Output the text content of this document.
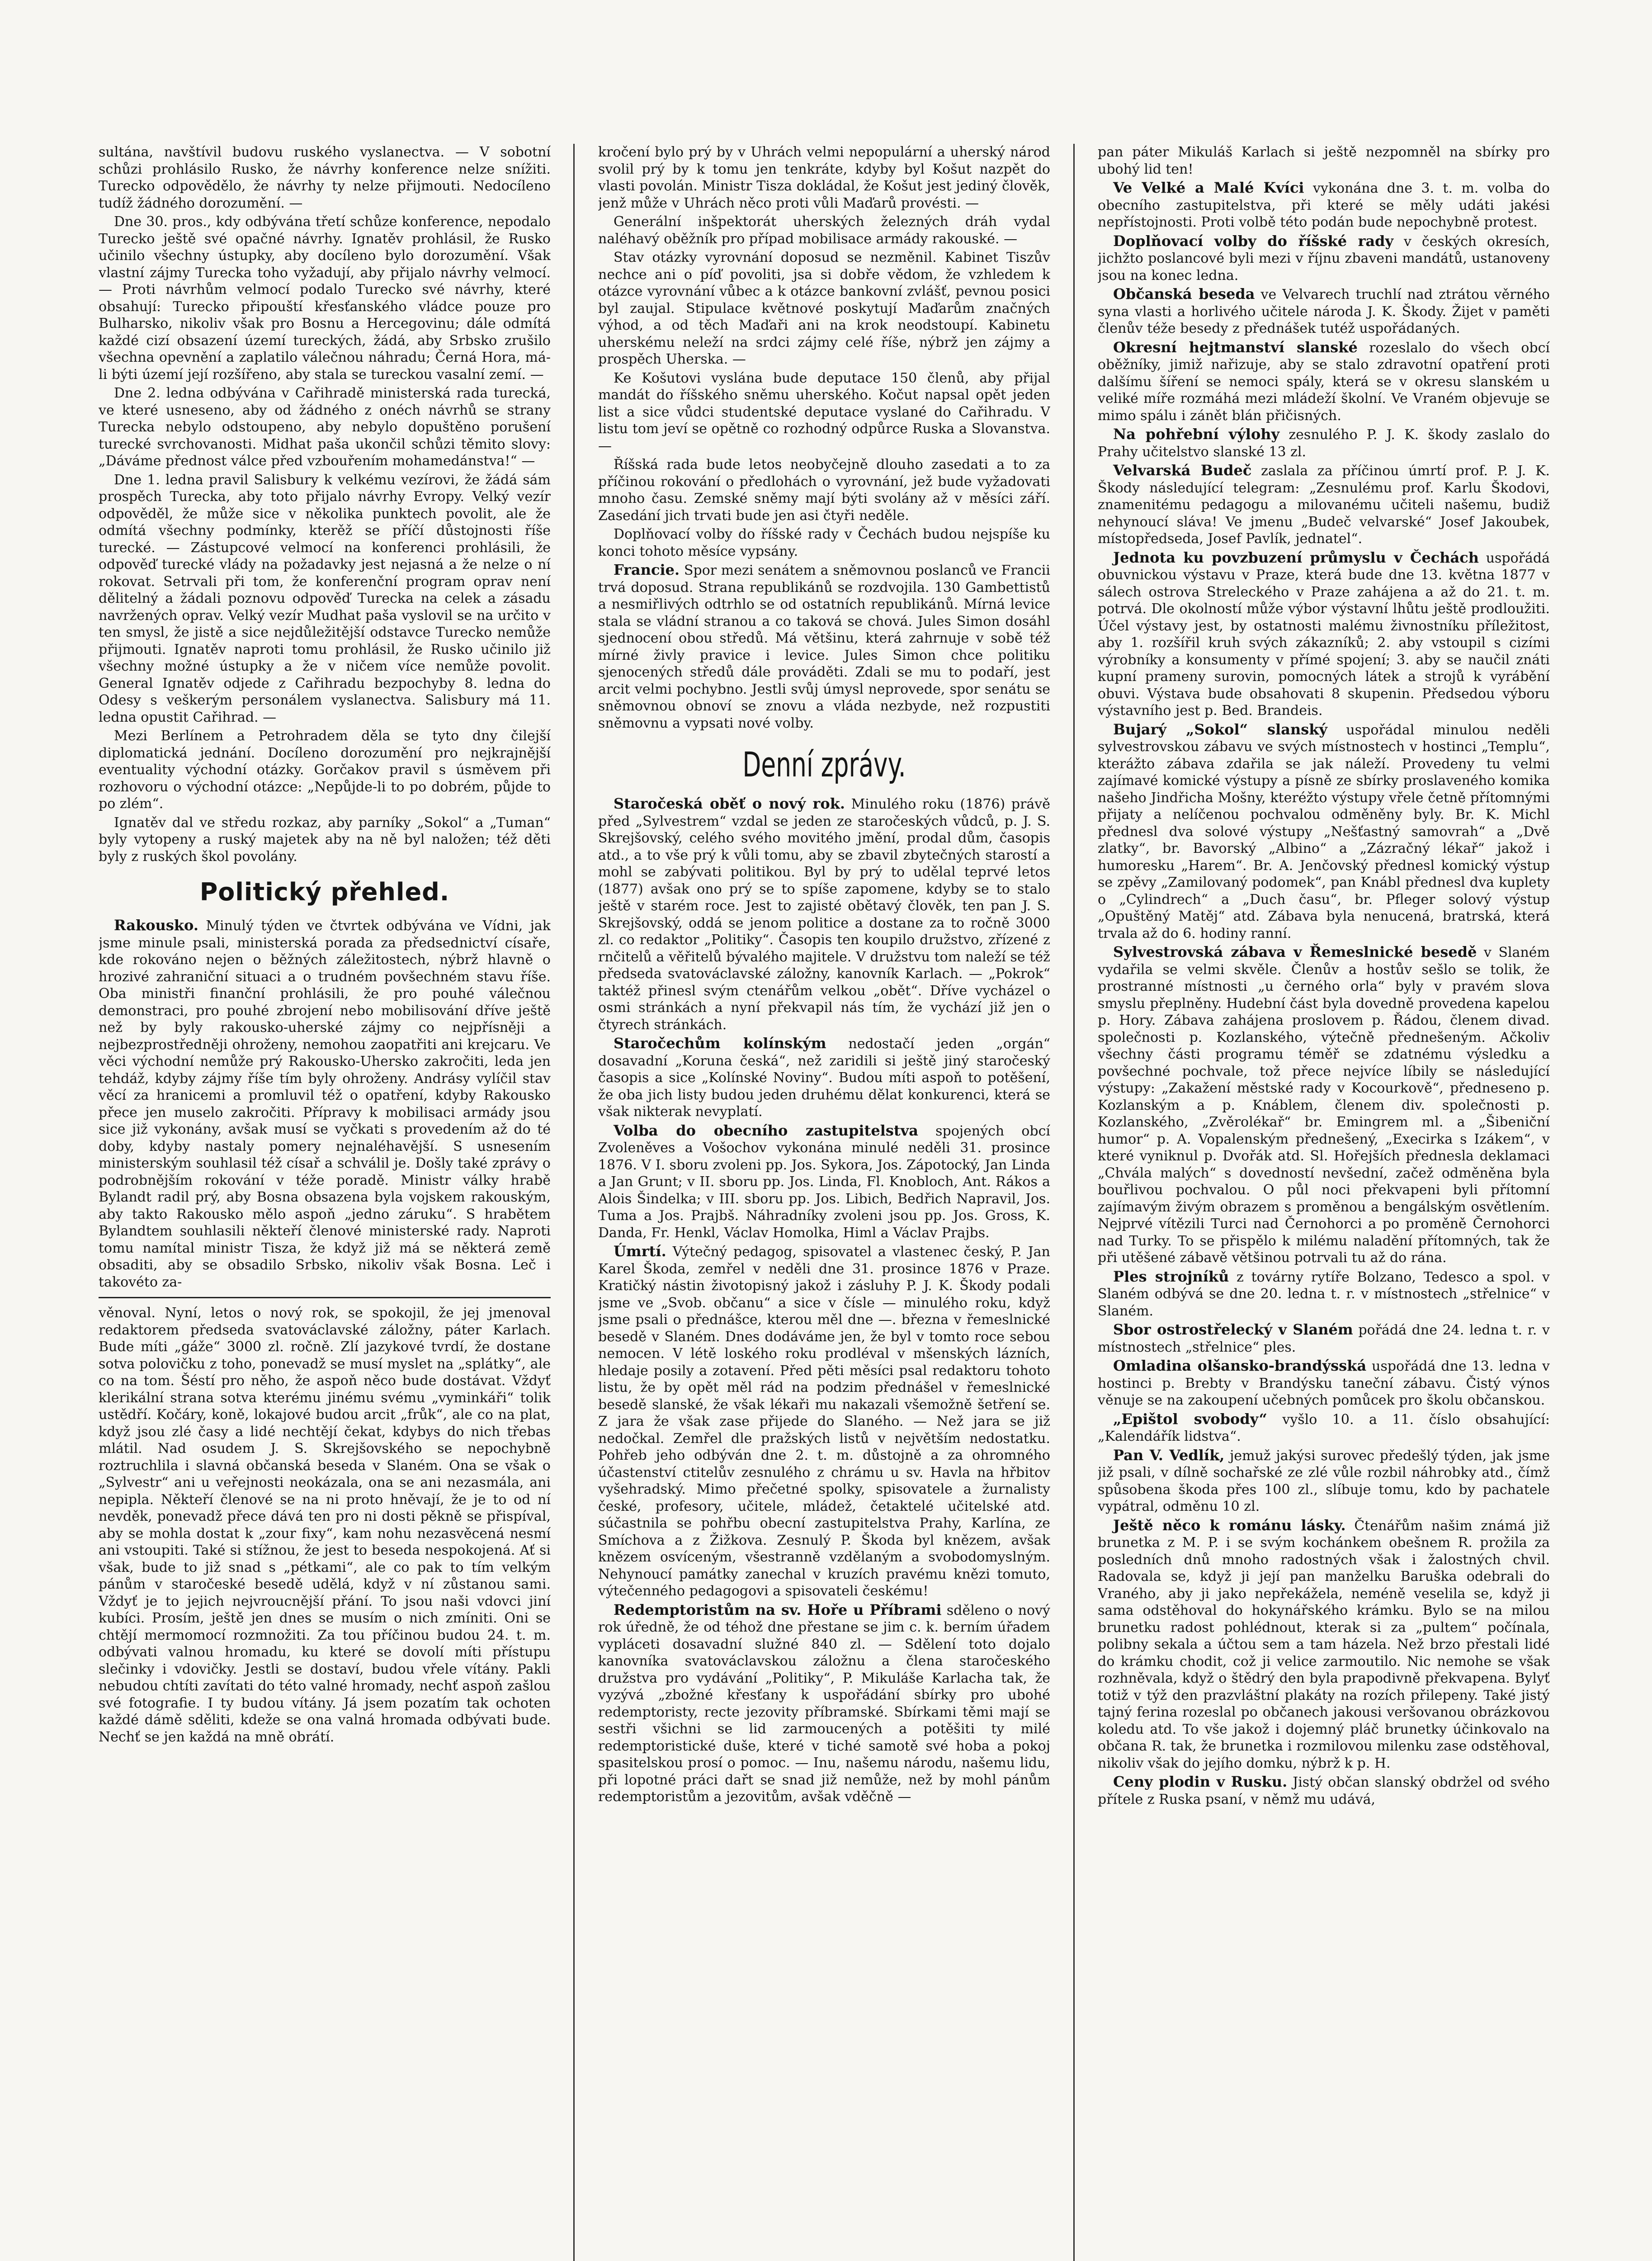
sultána, navštívil budovu ruského vyslanectva. — V sobotní schůzi prohlásilo Rusko, že návrhy konference nelze snížiti. Turecko odpovědělo, že návrhy ty nelze přijmouti. Nedocíleno tudíž žádného dorozumění. —

Dne 30. pros., kdy odbývána třetí schůze konference, nepodalo Turecko ještě své opačné návrhy. Ignatěv prohlásil, že Rusko učinilo všechny ústupky, aby docíleno bylo dorozumění. Však vlastní zájmy Turecka toho vyžadují, aby přijalo návrhy velmocí. — Proti návrhům velmocí podalo Turecko své návrhy, které obsahují: Turecko připouští křesťanského vládce pouze pro Bulharsko, nikoliv však pro Bosnu a Hercegovinu; dále odmítá každé cizí obsazení území tureckých, žádá, aby Srbsko zrušilo všechna opevnění a zaplatilo válečnou náhradu; Černá Hora, má-li býti území její rozšířeno, aby stala se tureckou vasalní zemí. —

Dne 2. ledna odbývána v Cařihradě ministerská rada turecká, ve které usneseno, aby od žádného z onéch návrhů se strany Turecka nebylo odstoupeno, aby nebylo dopuštěno porušení turecké svrchovanosti. Midhat paša ukončil schůzi těmito slovy: „Dáváme přednost válce před vzbouřením mohamedánstva!“ —

Dne 1. ledna pravil Salisbury k velkému vezírovi, že žádá sám prospěch Turecka, aby toto přijalo návrhy Evropy. Velký vezír odpověděl, že může sice v několika punktech povolit, ale že odmítá všechny podmínky, kterěž se příčí důstojnosti říše turecké. — Zástupcové velmocí na konferenci prohlásili, že odpověď turecké vlády na požadavky jest nejasná a že nelze o ní rokovat. Setrvali při tom, že konferenční program oprav není dělitelný a žádali poznovu odpověď Turecka na celek a zásadu navržených oprav. Velký vezír Mudhat paša vyslovil se na určito v ten smysl, že jistě a sice nejdůležitější odstavce Turecko nemůže přijmouti. Ignatěv naproti tomu prohlásil, že Rusko učinilo již všechny možné ústupky a že v ničem více nemůže povolit. General Ignatěv odjede z Cařihradu bezpochyby 8. ledna do Odesy s veškerým personálem vyslanectva. Salisbury má 11. ledna opustit Cařihrad. —

Mezi Berlínem a Petrohradem děla se tyto dny čilejší diplomatická jednání. Docíleno dorozumění pro nejkrajnější eventuality východní otázky. Gorčakov pravil s úsměvem při rozhovoru o východní otázce: „Nepůjde-li to po dobrém, půjde to po zlém“.

Ignatěv dal ve středu rozkaz, aby parníky „Sokol“ a „Tuman“ byly vytopeny a ruský majetek aby na ně byl naložen; též děti byly z ruských škol povolány.

Politický přehled.

Rakousko. Minulý týden ve čtvrtek odbývána ve Vídni, jak jsme minule psali, ministerská porada za předsednictví císaře, kde rokováno nejen o běžných záležitostech, nýbrž hlavně o hrozivé zahraniční situaci a o trudném povšechném stavu říše. Oba ministři finanční prohlásili, že pro pouhé válečnou demonstraci, pro pouhé zbrojení nebo mobilisování dříve ještě než by byly rakousko-uherské zájmy co nejpřísněji a nejbezprostředněji ohroženy, nemohou zaopatřiti ani krejcaru. Ve věci východní nemůže prý Rakousko-Uhersko zakročiti, leda jen tehdáž, kdyby zájmy říše tím byly ohroženy. Andrásy vylíčil stav věcí za hranicemi a promluvil též o opatření, kdyby Rakousko přece jen muselo zakročiti. Přípravy k mobilisaci armády jsou sice již vykonány, avšak musí se vyčkati s provedením až do té doby, kdyby nastaly pomery nejnaléhavější. S usnesením ministerským souhlasil též císař a schválil je. Došly také zprávy o podrobnějším rokování v téže poradě. Ministr války hrabě Bylandt radil prý, aby Bosna obsazena byla vojskem rakouským, aby takto Rakousko mělo aspoň „jedno záruku“. S hrabětem Bylandtem souhlasili někteří členové ministerské rady. Naproti tomu namítal ministr Tisza, že když již má se některá země obsaditi, aby se obsadilo Srbsko, nikoliv však Bosna. Leč i takovéto za-

věnoval. Nyní, letos o nový rok, se spokojil, že jej jmenoval redaktorem předseda svatováclavské záložny, páter Karlach. Bude míti „gáže“ 3000 zl. ročně. Zlí jazykové tvrdí, že dostane sotva polovičku z toho, ponevadž se musí myslet na „splátky“, ale co na tom. Šéstí pro něho, že aspoň něco bude dostávat. Vždyť klerikální strana sotva kterému jinému svému „vyminkáři“ tolik ustědří. Kočáry, koně, lokajové budou arcit „frůk“, ale co na plat, když jsou zlé časy a lidé nechtějí čekat, kdybys do nich třebas mlátil. Nad osudem J. S. Skrejšovského se nepochybně roztruchlila i slavná občanská beseda v Slaném. Ona se však o „Sylvestr“ ani u veřejnosti neokázala, ona se ani nezasmála, ani nepipla. Někteří členové se na ni proto hněvají, že je to od ní nevděk, ponevadž přece dává ten pro ni dosti pěkně se přispíval, aby se mohla dostat k „zour fixy“, kam nohu nezasvěcená nesmí ani vstoupiti. Také si stížnou, že jest to beseda nespokojená. Ať si však, bude to již snad s „pétkami“, ale co pak to tím velkým pánům v staročeské besedě udělá, když v ní zůstanou sami. Vždyť je to jejich nejvroucnější přání. To jsou naši vdovci jiní kubíci. Prosím, ještě jen dnes se musím o nich zmíniti. Oni se chtějí mermomocí rozmnožiti. Za tou příčinou budou 24. t. m. odbývati valnou hromadu, ku které se dovolí míti přístupu slečinky i vdovičky. Jestli se dostaví, budou vřele vítány. Pakli nebudou chtíti zavítati do této valné hromady, nechť aspoň zašlou své fotografie. I ty budou vítány. Já jsem pozatím tak ochoten každé dámě sděliti, kdeže se ona valná hromada odbývati bude. Nechť se jen každá na mně obrátí.

kročení bylo prý by v Uhrách velmi nepopulární a uherský národ svolil prý by k tomu jen tenkráte, kdyby byl Košut nazpět do vlasti povolán. Ministr Tisza dokládal, že Košut jest jediný člověk, jenž může v Uhrách něco proti vůli Maďarů provésti. —

Generální inšpektorát uherských železných dráh vydal naléhavý oběžník pro případ mobilisace armády rakouské. —

Stav otázky vyrovnání doposud se nezměnil. Kabinet Tiszův nechce ani o píď povoliti, jsa si dobře vědom, že vzhledem k otázce vyrovnání vůbec a k otázce bankovní zvlášť, pevnou posici byl zaujal. Stipulace květnové poskytují Maďarům značných výhod, a od těch Maďaři ani na krok neodstoupí. Kabinetu uherskému neleží na srdci zájmy celé říše, nýbrž jen zájmy a prospěch Uherska. —

Ke Košutovi vyslána bude deputace 150 členů, aby přijal mandát do říšského sněmu uherského. Kočut napsal opět jeden list a sice vůdci studentské deputace vyslané do Cařihradu. V listu tom jeví se opětně co rozhodný odpůrce Ruska a Slovanstva. —

Říšská rada bude letos neobyčejně dlouho zasedati a to za příčinou rokování o předlohách o vyrovnání, jež bude vyžadovati mnoho času. Zemské sněmy mají býti svolány až v měsíci září. Zasedání jich trvati bude jen asi čtyři neděle.

Doplňovací volby do říšské rady v Čechách budou nejspíše ku konci tohoto měsíce vypsány.

Francie. Spor mezi senátem a sněmovnou poslanců ve Francii trvá doposud. Strana republikánů se rozdvojila. 130 Gambettistů a nesmiřlivých odtrhlo se od ostatních republikánů. Mírná levice stala se vládní stranou a co taková se chová. Jules Simon dosáhl sjednocení obou středů. Má většinu, která zahrnuje v sobě též mírné živly pravice i levice. Jules Simon chce politiku sjenocených středů dále prováděti. Zdali se mu to podaří, jest arcit velmi pochybno. Jestli svůj úmysl neprovede, spor senátu se sněmovnou obnoví se znovu a vláda nezbyde, než rozpustiti sněmovnu a vypsati nové volby.

Denní zprávy.

Staročeská oběť o nový rok. Minulého roku (1876) právě před „Sylvestrem“ vzdal se jeden ze staročeských vůdců, p. J. S. Skrejšovský, celého svého movitého jmění, prodal dům, časopis atd., a to vše prý k vůli tomu, aby se zbavil zbytečných starostí a mohl se zabývati politikou. Byl by prý to udělal teprvé letos (1877) avšak ono prý se to spíše zapomene, kdyby se to stalo ještě v starém roce. Jest to zajisté obětavý člověk, ten pan J. S. Skrejšovský, oddá se jenom politice a dostane za to ročně 3000 zl. co redaktor „Politiky“. Časopis ten koupilo družstvo, zřízené z rnčitelů a věřitelů bývalého majitele. V družstvu tom naleží se též předseda svatováclavské záložny, kanovník Karlach. — „Pokrok“ taktéž přinesl svým ctenářům velkou „obět“. Dříve vycházel o osmi stránkách a nyní překvapil nás tím, že vychází již jen o čtyrech stránkách.

Staročechům kolínským nedostačí jeden „orgán“ dosavadní „Koruna česká“, než zaridili si ještě jiný staročeský časopis a sice „Kolínské Noviny“. Budou míti aspoň to potěšení, že oba jich listy budou jeden druhému dělat konkurenci, která se však nikterak nevyplatí.

Volba do obecního zastupitelstva spojených obcí Zvoleněves a Vošochov vykonána minulé neděli 31. prosince 1876. V I. sboru zvoleni pp. Jos. Sykora, Jos. Zápotocký, Jan Linda a Jan Grunt; v II. sboru pp. Jos. Linda, Fl. Knobloch, Ant. Rákos a Alois Šindelka; v III. sboru pp. Jos. Libich, Bedřich Napravil, Jos. Tuma a Jos. Prajbš. Náhradníky zvoleni jsou pp. Jos. Gross, K. Danda, Fr. Henkl, Václav Homolka, Himl a Václav Prajbs.

Úmrtí. Výtečný pedagog, spisovatel a vlastenec český, P. Jan Karel Škoda, zemřel v neděli dne 31. prosince 1876 v Praze. Kratičký nástin životopisný jakož i zásluhy P. J. K. Škody podali jsme ve „Svob. občanu“ a sice v čísle — minulého roku, když jsme psali o přednášce, kterou měl dne —. března v řemeslnické besedě v Slaném. Dnes dodáváme jen, že byl v tomto roce sebou nemocen. V létě loského roku prodléval v mšenských lázních, hledaje posily a zotavení. Před pěti měsíci psal redaktoru tohoto listu, že by opět měl rád na podzim přednášel v řemeslnické besedě slanské, že však lékaři mu nakazali všemožně šetření se. Z jara že však zase přijede do Slaného. — Než jara se již nedočkal. Zemřel dle pražských listů v největším nedostatku. Pohřeb jeho odbýván dne 2. t. m. důstojně a za ohromného účastenství ctitelův zesnulého z chrámu u sv. Havla na hřbitov vyšehradský. Mimo přečetné spolky, spisovatele a žurnalisty české, profesory, učitele, mládež, četaktelé učitelské atd. súčastnila se pohřbu obecní zastupitelstva Prahy, Karlína, ze Smíchova a z Žižkova. Zesnulý P. Škoda byl knězem, avšak knězem osvíceným, všestranně vzdělaným a svobodomyslným. Nehynoucí památky zanechal v kruzích pravému knězi tomuto, výtečenného pedagogovi a spisovateli českému!

Redemptoristům na sv. Hoře u Příbrami sděleno o nový rok úředně, že od téhož dne přestane se jim c. k. berním úřadem vypláceti dosavadní služné 840 zl. — Sdělení toto dojalo kanovníka svatováclavskou záložnu a člena staročeského družstva pro vydávání „Politiky“, P. Mikuláše Karlacha tak, že vyzývá „zbožné křesťany k uspořádání sbírky pro ubohé redemptoristy, recte jezovity příbramské. Sbírkami těmi mají se sestři všichni se lid zarmoucených a potěšiti ty milé redemptoristické duše, které v tiché samotě své hoba a pokoj spasitelskou prosí o pomoc. — Inu, našemu národu, našemu lidu, při lopotné práci dařt se snad již nemůže, než by mohl pánům redemptoristům a jezovitům, avšak vděčně —

pan páter Mikuláš Karlach si ještě nezpomněl na sbírky pro ubohý lid ten!

Ve Velké a Malé Kvíci vykonána dne 3. t. m. volba do obecního zastupitelstva, při které se měly udáti jakési nepřístojnosti. Proti volbě této podán bude nepochybně protest.

Doplňovací volby do říšské rady v českých okresích, jichžto poslancové byli mezi v říjnu zbaveni mandátů, ustanoveny jsou na konec ledna.

Občanská beseda ve Velvarech truchlí nad ztrátou věrného syna vlasti a horlivého učitele národa J. K. Škody. Žijet v paměti členův téže besedy z přednášek tutéž uspořádaných.

Okresní hejtmanství slanské rozeslalo do všech obcí oběžníky, jimiž nařizuje, aby se stalo zdravotní opatření proti dalšímu šíření se nemoci spály, která se v okresu slanském u veliké míře rozmáhá mezi mládeží školní. Ve Vraném objevuje se mimo spálu i zánět blán přičisných.

Na pohřební výlohy zesnulého P. J. K. škody zaslalo do Prahy učitelstvo slanské 13 zl.

Velvarská Budeč zaslala za příčinou úmrtí prof. P. J. K. Škody následující telegram: „Zesnulému prof. Karlu Škodovi, znamenitému pedagogu a milovanému učiteli našemu, budiž nehynoucí sláva! Ve jmenu „Budeč velvarské“ Josef Jakoubek, místopředseda, Josef Pavlík, jednatel“.

Jednota ku povzbuzení průmyslu v Čechách uspořádá obuvnickou výstavu v Praze, která bude dne 13. května 1877 v sálech ostrova Streleckého v Praze zahájena a až do 21. t. m. potrvá. Dle okolností může výbor výstavní lhůtu ještě prodloužiti. Účel výstavy jest, by ostatnosti malému živnostníku příležitost, aby 1. rozšířil kruh svých zákazníků; 2. aby vstoupil s cizími výrobníky a konsumenty v přímé spojení; 3. aby se naučil znáti kupní prameny surovin, pomocných látek a strojů k vyrábění obuvi. Výstava bude obsahovati 8 skupenin. Předsedou výboru výstavního jest p. Bed. Brandeis.

Bujarý „Sokol“ slanský uspořádal minulou neděli sylvestrovskou zábavu ve svých místnostech v hostinci „Templu“, kterážto zábava zdařila se jak náleží. Provedeny tu velmi zajímavé komické výstupy a písně ze sbírky proslaveného komika našeho Jindřicha Mošny, kteréžto výstupy vřele četně přítomnými přijaty a nelíčenou pochvalou odměněny byly. Br. K. Michl přednesl dva solové výstupy „Nešťastný samovrah“ a „Dvě zlatky“, br. Bavorský „Albino“ a „Zázračný lékař“ jakož i humoresku „Harem“. Br. A. Jenčovský přednesl komický výstup se zpěvy „Zamilovaný podomek“, pan Knábl přednesl dva kuplety o „Cylindrech“ a „Duch času“, br. Pfleger solový výstup „Opuštěný Matěj“ atd. Zábava byla nenucená, bratrská, která trvala až do 6. hodiny ranní.

Sylvestrovská zábava v Řemeslnické besedě v Slaném vydařila se velmi skvěle. Členův a hostův sešlo se tolik, že prostranné místnosti „u černého orla“ byly v pravém slova smyslu přeplněny. Hudební část byla dovedně provedena kapelou p. Hory. Zábava zahájena proslovem p. Řádou, členem divad. společnosti p. Kozlanského, výtečně přednešeným. Ačkoliv všechny části programu téměř se zdatnému výsledku a povšechné pochvale, tož přece nejvíce líbily se následující výstupy: „Zakažení městské rady v Kocourkově“, předneseno p. Kozlanským a p. Knáblem, členem div. společnosti p. Kozlanského, „Zvěrolékař“ br. Emingrem ml. a „Šibeniční humor“ p. A. Vopalenským přednešený, „Execirka s Izákem“, v které vyniknul p. Dvořák atd. Sl. Hořejších přednesla deklamaci „Chvála malých“ s dovedností nevšední, začež odměněna byla bouřlivou pochvalou. O půl noci překvapeni byli přítomní zajímavým živým obrazem s proměnou a bengálským osvětlením. Nejprvé vítězili Turci nad Černohorci a po proměně Černohorci nad Turky. To se přispělo k milému naladění přítomných, tak že při utěšené zábavě většinou potrvali tu až do rána.

Ples strojníků z továrny rytíře Bolzano, Tedesco a spol. v Slaném odbývá se dne 20. ledna t. r. v místnostech „střelnice“ v Slaném.

Sbor ostrostřelecký v Slaném pořádá dne 24. ledna t. r. v místnostech „střelnice“ ples.

Omladina olšansko-brandýsská uspořádá dne 13. ledna v hostinci p. Brebty v Brandýsku taneční zábavu. Čistý výnos věnuje se na zakoupení učebných pomůcek pro školu občanskou.

„Epištol svobody“ vyšlo 10. a 11. číslo obsahující: „Kalendářík lidstva“.

Pan V. Vedlík, jemuž jakýsi surovec předešlý týden, jak jsme již psali, v dílně sochařské ze zlé vůle rozbil náhrobky atd., čímž spůsobena škoda přes 100 zl., slíbuje tomu, kdo by pachatele vypátral, odměnu 10 zl.

Ještě něco k románu lásky. Čtenářům našim známá již brunetka z M. P. i se svým kochánkem obešnem R. prožila za posledních dnů mnoho radostných však i žalostných chvil. Radovala se, když ji její pan manželku Baruška odebrali do Vraného, aby ji jako nepřekážela, neméně veselila se, když ji sama odstěhoval do hokynářského krámku. Bylo se na milou brunetku radost pohlédnout, kterak si za „pultem“ počínala, polibny sekala a účtou sem a tam házela. Než brzo přestali lidé do krámku chodit, což ji velice zarmoutilo. Nic nemohe se však rozhněvala, když o štědrý den byla prapodivně překvapena. Bylyť totiž v týž den prazvláštní plakáty na rozích přilepeny. Také jistý tajný ferina rozeslal po občanech jakousi veršovanou obrázkovou koledu atd. To vše jakož i dojemný pláč brunetky účinkovalo na občana R. tak, že brunetka i rozmilovou milenku zase odstěhoval, nikoliv však do jejího domku, nýbrž k p. H.

Ceny plodin v Rusku. Jistý občan slanský obdržel od svého přítele z Ruska psaní, v němž mu udává,
